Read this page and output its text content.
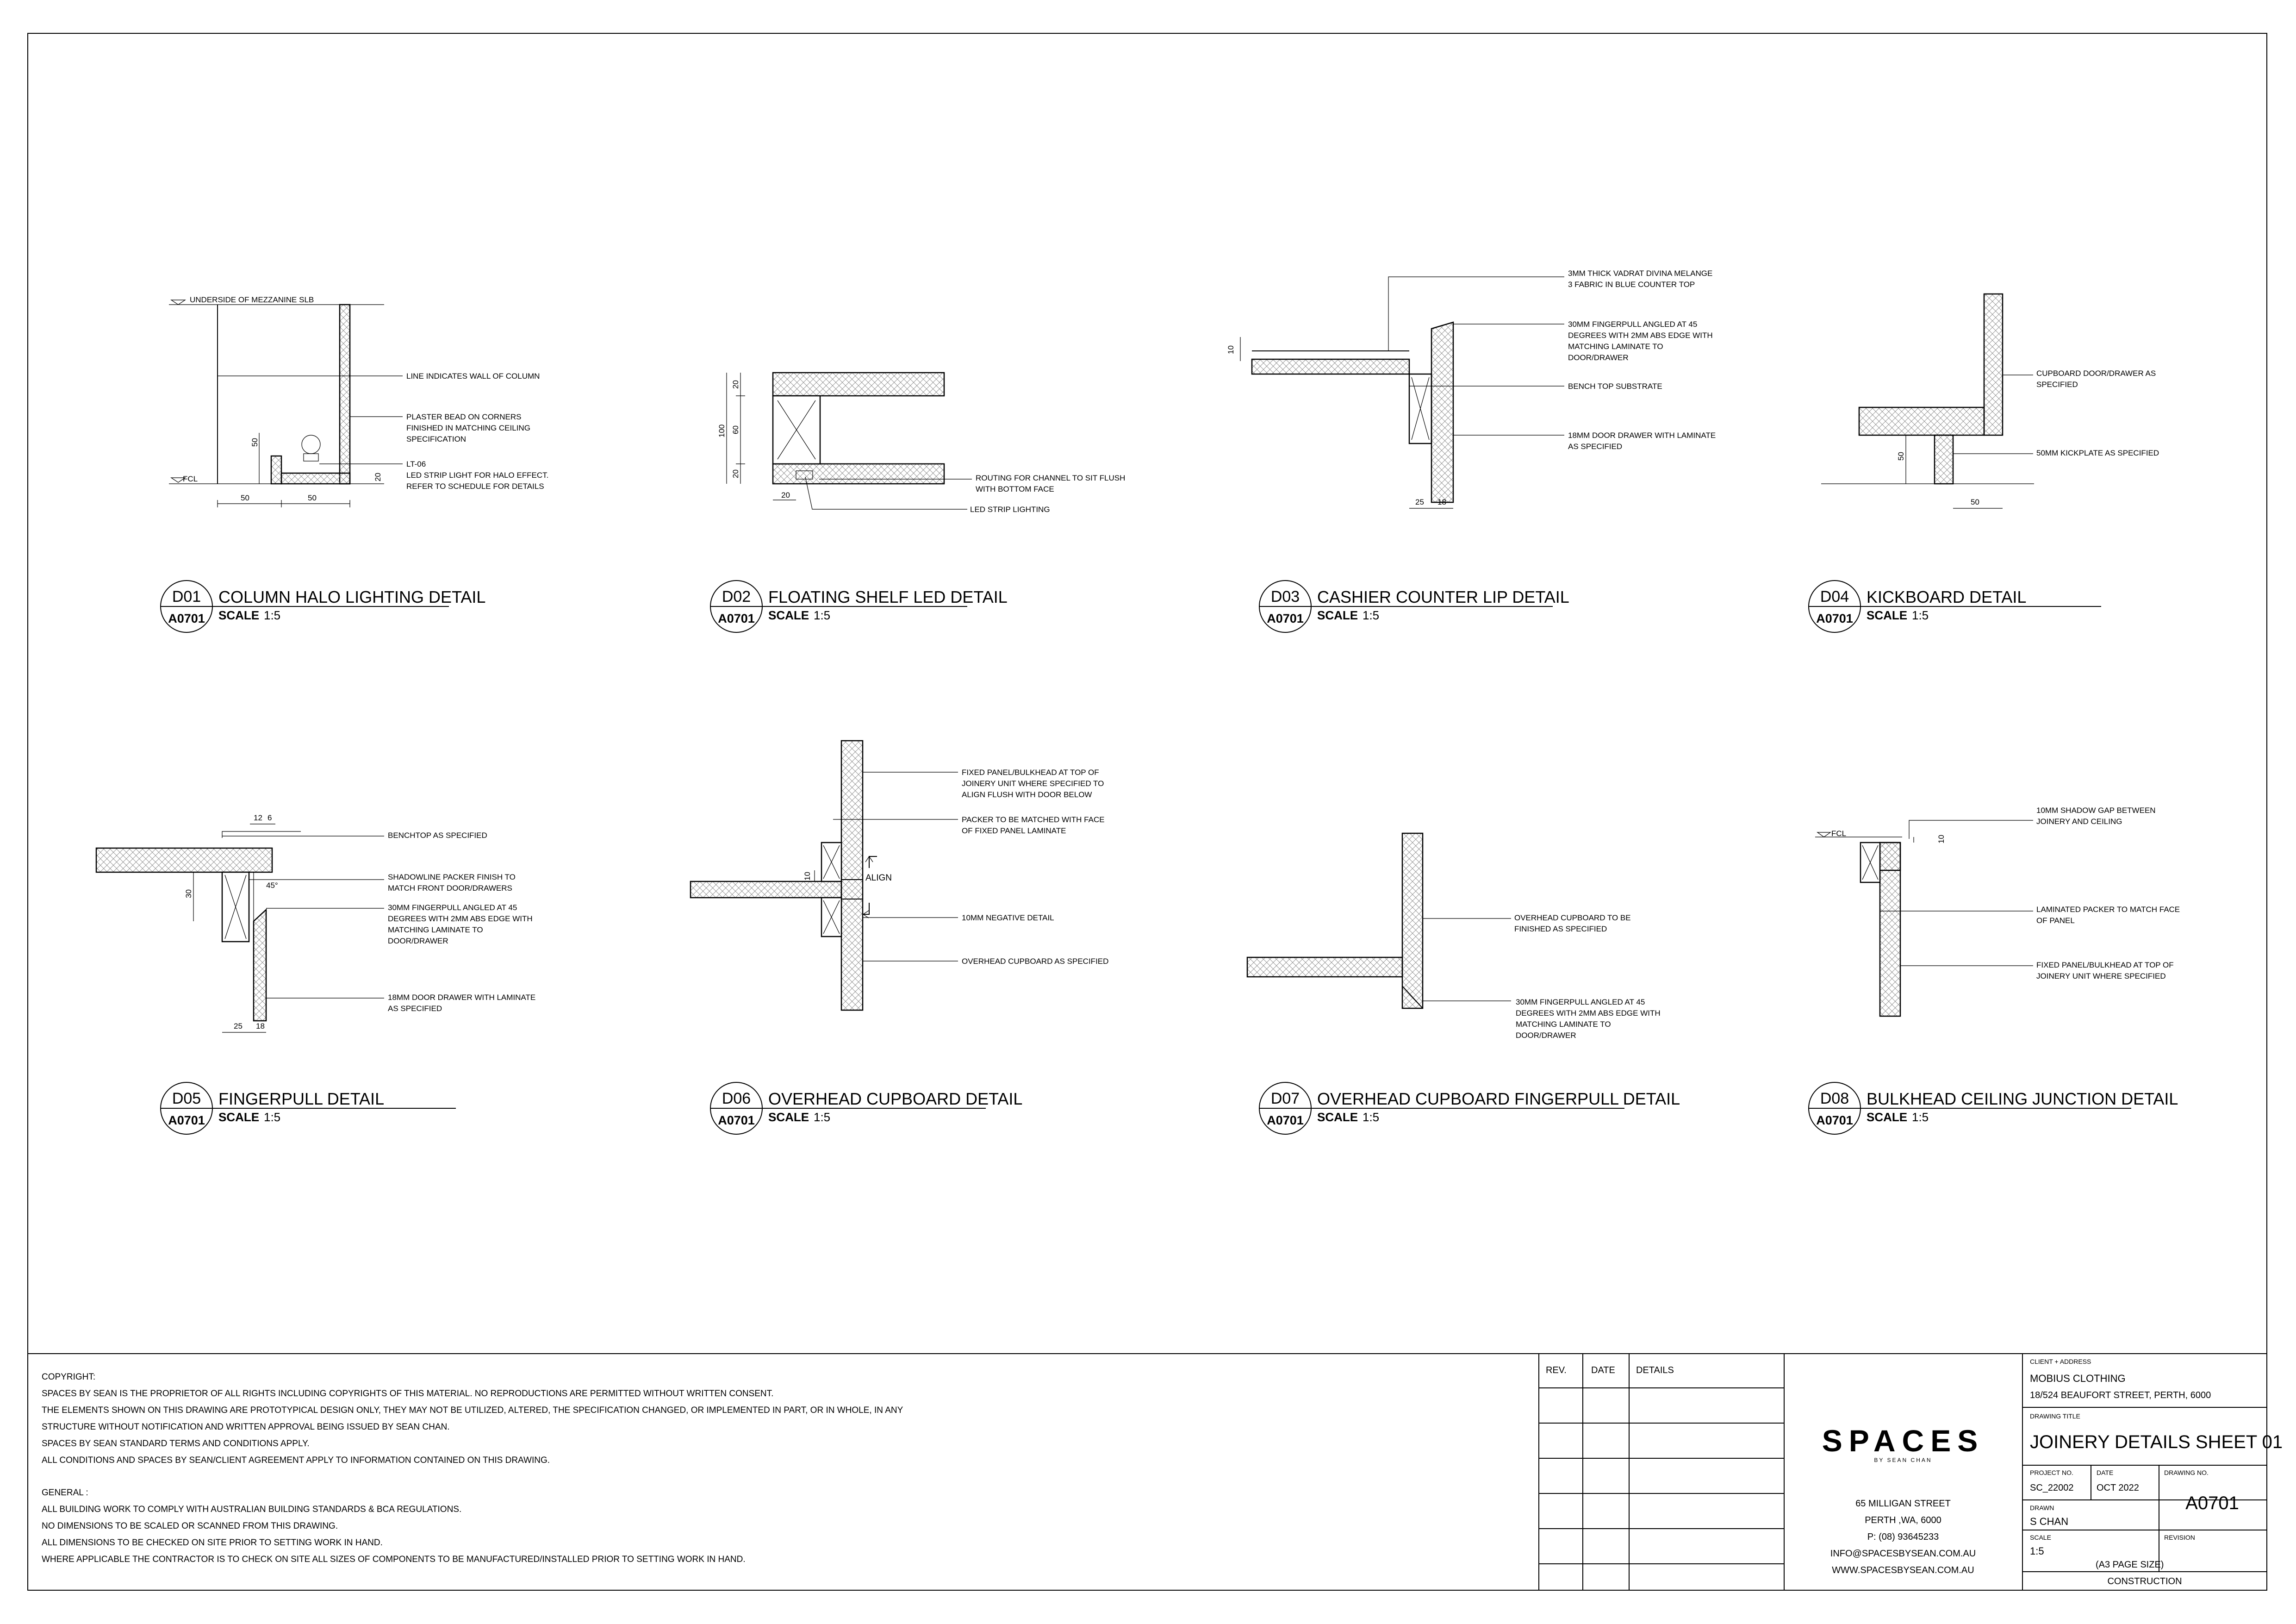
UNDERSIDE OF MEZZANINE SLB
FCL
50
50	50
20
LINE INDICATES WALL OF COLUMN
PLASTER BEAD ON CORNERS
FINISHED IN MATCHING CEILING
SPECIFICATION
LT-06
LED STRIP LIGHT FOR HALO EFFECT.
REFER TO SCHEDULE FOR DETAILS
100
20
60
20
20
ROUTING FOR CHANNEL TO SIT FLUSH
WITH BOTTOM FACE
LED STRIP LIGHTING
10
25 18
3MM THICK VADRAT DIVINA MELANGE
3 FABRIC IN BLUE COUNTER TOP
30MM FINGERPULL ANGLED AT 45
DEGREES WITH 2MM ABS EDGE WITH
MATCHING LAMINATE TO
DOOR/DRAWER
BENCH TOP SUBSTRATE
18MM DOOR DRAWER WITH LAMINATE
AS SPECIFIED
50
50
CUPBOARD DOOR/DRAWER AS
SPECIFIED
50MM KICKPLATE AS SPECIFIED
12 6
30
45°
25 18
BENCHTOP AS SPECIFIED
SHADOWLINE PACKER FINISH TO
MATCH FRONT DOOR/DRAWERS
30MM FINGERPULL ANGLED AT 45
DEGREES WITH 2MM ABS EDGE WITH
MATCHING LAMINATE TO
DOOR/DRAWER
18MM DOOR DRAWER WITH LAMINATE
AS SPECIFIED
ALIGN
10
FIXED PANEL/BULKHEAD AT TOP OF
JOINERY UNIT WHERE SPECIFIED TO
ALIGN FLUSH WITH DOOR BELOW
PACKER TO BE MATCHED WITH FACE
OF FIXED PANEL LAMINATE
10MM NEGATIVE DETAIL
OVERHEAD CUPBOARD AS SPECIFIED
OVERHEAD CUPBOARD TO BE
FINISHED AS SPECIFIED
30MM FINGERPULL ANGLED AT 45
DEGREES WITH 2MM ABS EDGE WITH
MATCHING LAMINATE TO
DOOR/DRAWER
FCL
10
10MM SHADOW GAP BETWEEN
JOINERY AND CEILING
LAMINATED PACKER TO MATCH FACE
OF PANEL
FIXED PANEL/BULKHEAD AT TOP OF
JOINERY UNIT WHERE SPECIFIED
D01
A0701
COLUMN HALO LIGHTING DETAIL
SCALE 1:5
D02
A0701
FLOATING SHELF LED DETAIL
SCALE 1:5
D03
A0701
CASHIER COUNTER LIP DETAIL
SCALE 1:5
D04
A0701
KICKBOARD DETAIL
SCALE 1:5
D05
A0701
FINGERPULL DETAIL
SCALE 1:5
D06
A0701
OVERHEAD CUPBOARD DETAIL
SCALE 1:5
D07
A0701
OVERHEAD CUPBOARD FINGERPULL DETAIL
SCALE 1:5
D08
A0701
BULKHEAD CEILING JUNCTION DETAIL
SCALE 1:5
COPYRIGHT:
SPACES BY SEAN IS THE PROPRIETOR OF ALL RIGHTS INCLUDING COPYRIGHTS OF THIS MATERIAL. NO REPRODUCTIONS ARE PERMITTED WITHOUT WRITTEN CONSENT.
THE ELEMENTS SHOWN ON THIS DRAWING ARE PROTOTYPICAL DESIGN ONLY, THEY MAY NOT BE UTILIZED, ALTERED, THE SPECIFICATION CHANGED, OR IMPLEMENTED IN PART, OR IN WHOLE, IN ANY
STRUCTURE WITHOUT NOTIFICATION AND WRITTEN APPROVAL BEING ISSUED BY SEAN CHAN.
SPACES BY SEAN STANDARD TERMS AND CONDITIONS APPLY.
ALL CONDITIONS AND SPACES BY SEAN/CLIENT AGREEMENT APPLY TO INFORMATION CONTAINED ON THIS DRAWING.
GENERAL :
ALL BUILDING WORK TO COMPLY WITH AUSTRALIAN BUILDING STANDARDS & BCA REGULATIONS.
NO DIMENSIONS TO BE SCALED OR SCANNED FROM THIS DRAWING.
ALL DIMENSIONS TO BE CHECKED ON SITE PRIOR TO SETTING WORK IN HAND.
WHERE APPLICABLE THE CONTRACTOR IS TO CHECK ON SITE ALL SIZES OF COMPONENTS TO BE MANUFACTURED/INSTALLED PRIOR TO SETTING WORK IN HAND.
REV.	DATE DETAILS
SPACES
BY SEAN CHAN
65 MILLIGAN STREET
PERTH ,WA, 6000
P: (08) 93645233
INFO@SPACESBYSEAN.COM.AU
WWW.SPACESBYSEAN.COM.AU
CLIENT + ADDRESS
MOBIUS CLOTHING
18/524 BEAUFORT STREET, PERTH, 6000
DRAWING TITLE
JOINERY DETAILS SHEET 01
PROJECT NO.
SC_22002
DATE
OCT 2022
DRAWING NO.
A0701
DRAWN
S CHAN
SCALE
1:5
(A3 PAGE SIZE)
REVISION
CONSTRUCTION
